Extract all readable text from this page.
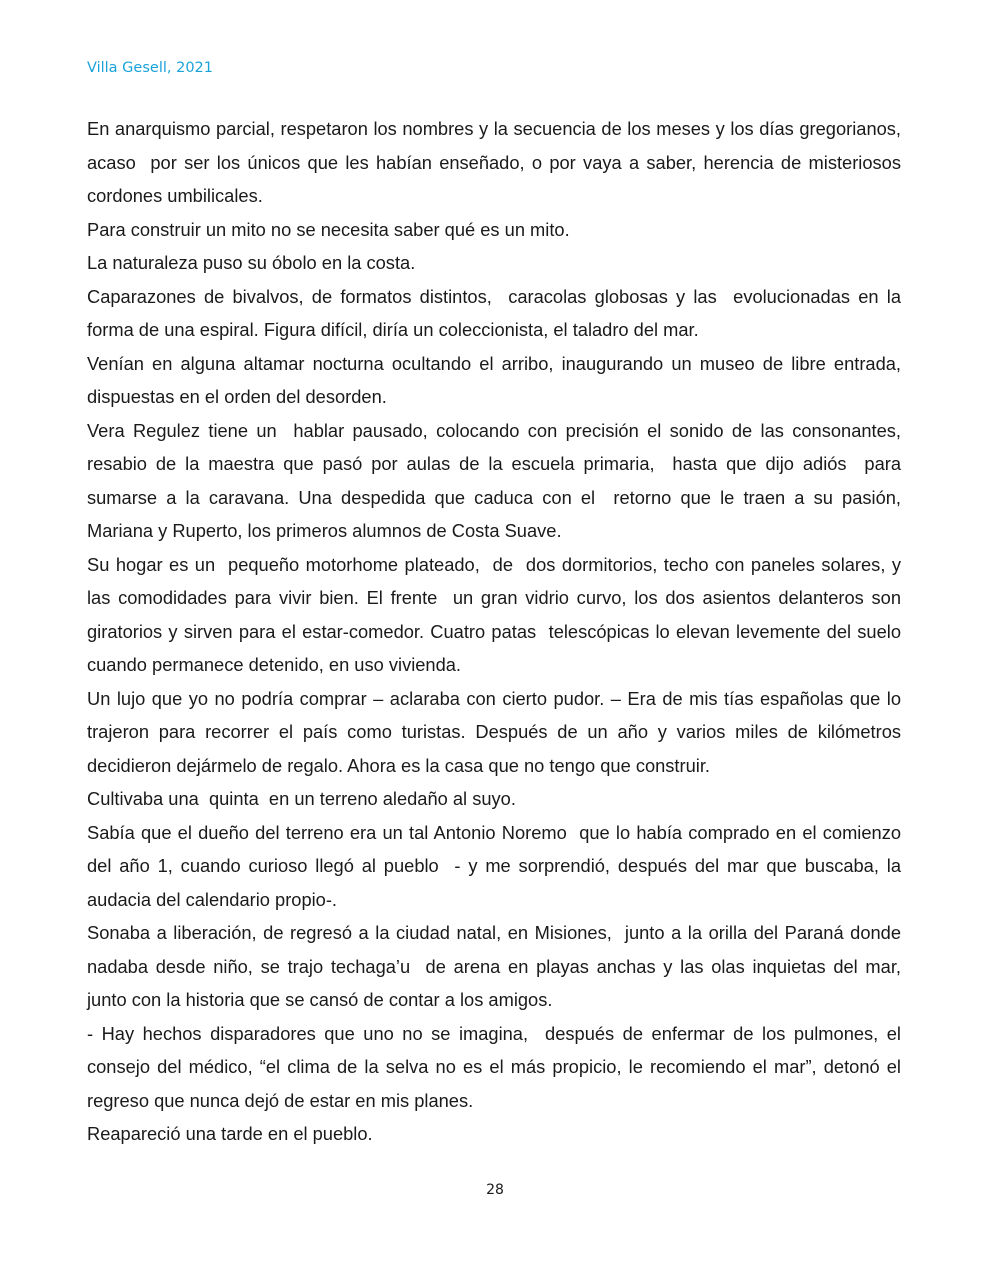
Villa Gesell, 2021

En anarquismo parcial, respetaron los nombres y la secuencia de los meses y los días gregorianos, acaso  por ser los únicos que les habían enseñado, o por vaya a saber, herencia de misteriosos cordones umbilicales.

Para construir un mito no se necesita saber qué es un mito.

La naturaleza puso su óbolo en la costa.

Caparazones de bivalvos, de formatos distintos,  caracolas globosas y las  evolucionadas en la forma de una espiral. Figura difícil, diría un coleccionista, el taladro del mar.

Venían en alguna altamar nocturna ocultando el arribo, inaugurando un museo de libre entrada, dispuestas en el orden del desorden.

Vera Regulez tiene un  hablar pausado, colocando con precisión el sonido de las consonantes, resabio de la maestra que pasó por aulas de la escuela primaria,  hasta que dijo adiós  para sumarse a la caravana. Una despedida que caduca con el  retorno que le traen a su pasión, Mariana y Ruperto, los primeros alumnos de Costa Suave.

Su hogar es un  pequeño motorhome plateado,  de  dos dormitorios, techo con paneles solares, y las comodidades para vivir bien. El frente  un gran vidrio curvo, los dos asientos delanteros son giratorios y sirven para el estar-comedor. Cuatro patas  telescópicas lo elevan levemente del suelo cuando permanece detenido, en uso vivienda.

Un lujo que yo no podría comprar – aclaraba con cierto pudor. – Era de mis tías españolas que lo trajeron para recorrer el país como turistas. Después de un año y varios miles de kilómetros decidieron dejármelo de regalo. Ahora es la casa que no tengo que construir.

Cultivaba una  quinta  en un terreno aledaño al suyo.

Sabía que el dueño del terreno era un tal Antonio Noremo  que lo había comprado en el comienzo del año 1, cuando curioso llegó al pueblo  - y me sorprendió, después del mar que buscaba, la audacia del calendario propio-.

Sonaba a liberación, de regresó a la ciudad natal, en Misiones,  junto a la orilla del Paraná donde nadaba desde niño, se trajo techaga’u  de arena en playas anchas y las olas inquietas del mar, junto con la historia que se cansó de contar a los amigos.

- Hay hechos disparadores que uno no se imagina,  después de enfermar de los pulmones, el consejo del médico, “el clima de la selva no es el más propicio, le recomiendo el mar”, detonó el regreso que nunca dejó de estar en mis planes.

Reapareció una tarde en el pueblo.

28
